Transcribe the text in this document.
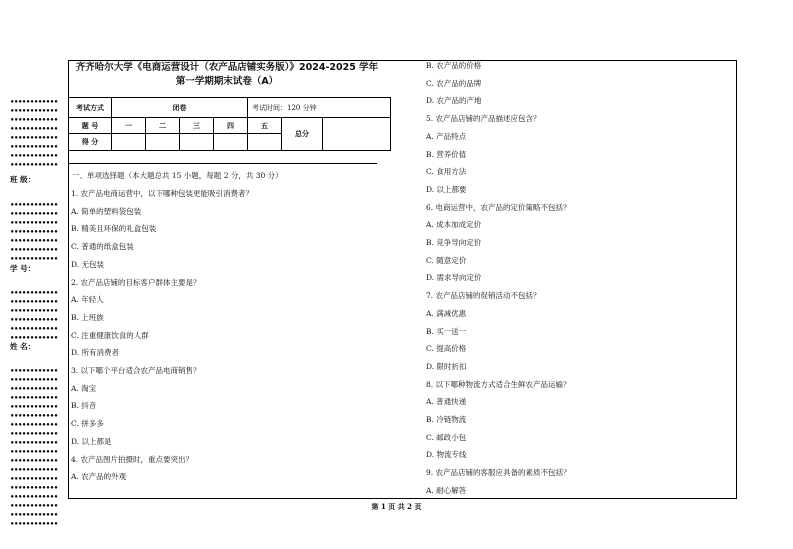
••••••••••••
••••••••••••
••••••••••••
••••••••••••
••••••••••••
••••••••••••
••••••••••••
••••••••••••
班 级：
••••••••••••
••••••••••••
••••••••••••
••••••••••••
••••••••••••
••••••••••••
••••••••••••
学 号：
••••••••••••
••••••••••••
••••••••••••
••••••••••••
••••••••••••
••••••••••••
姓 名：
••••••••••••
••••••••••••
••••••••••••
••••••••••••
••••••••••••
••••••••••••
••••••••••••
••••••••••••
••••••••••••
••••••••••••
••••••••••••
••••••••••••
••••••••••••
••••••••••••
••••••••••••
••••••••••••
••••••••••••
••••••••••••
齐齐哈尔大学《电商运营设计（农产品店铺实务版）》2024-2025 学年
第一学期期末试卷（A）
考试方式	闭卷				考试时间：120 分钟		
题 号	一	二	三	四	五	总分	
得 分							
一、单项选择题（本大题总共 15 小题，每题 2 分，共 30 分）
1. 农产品电商运营中，以下哪种包装更能吸引消费者？
A. 简单的塑料袋包装
B. 精美且环保的礼盒包装
C. 普通的纸盒包装
D. 无包装
2. 农产品店铺的目标客户群体主要是？
A. 年轻人
B. 上班族
C. 注重健康饮食的人群
D. 所有消费者
3. 以下哪个平台适合农产品电商销售？
A. 淘宝
B. 抖音
C. 拼多多
D. 以上都是
4. 农产品图片拍摄时，重点要突出？
A. 农产品的外观
B. 农产品的价格
C. 农产品的品牌
D. 农产品的产地
5. 农产品店铺的产品描述应包含？
A. 产品特点
B. 营养价值
C. 食用方法
D. 以上都要
6. 电商运营中，农产品的定价策略不包括？
A. 成本加成定价
B. 竞争导向定价
C. 随意定价
D. 需求导向定价
7. 农产品店铺的促销活动不包括？
A. 满减优惠
B. 买一送一
C. 提高价格
D. 限时折扣
8. 以下哪种物流方式适合生鲜农产品运输？
A. 普通快递
B. 冷链物流
C. 邮政小包
D. 物流专线
9. 农产品店铺的客服应具备的素质不包括？
A. 耐心解答
第 1 页 共 2 页
